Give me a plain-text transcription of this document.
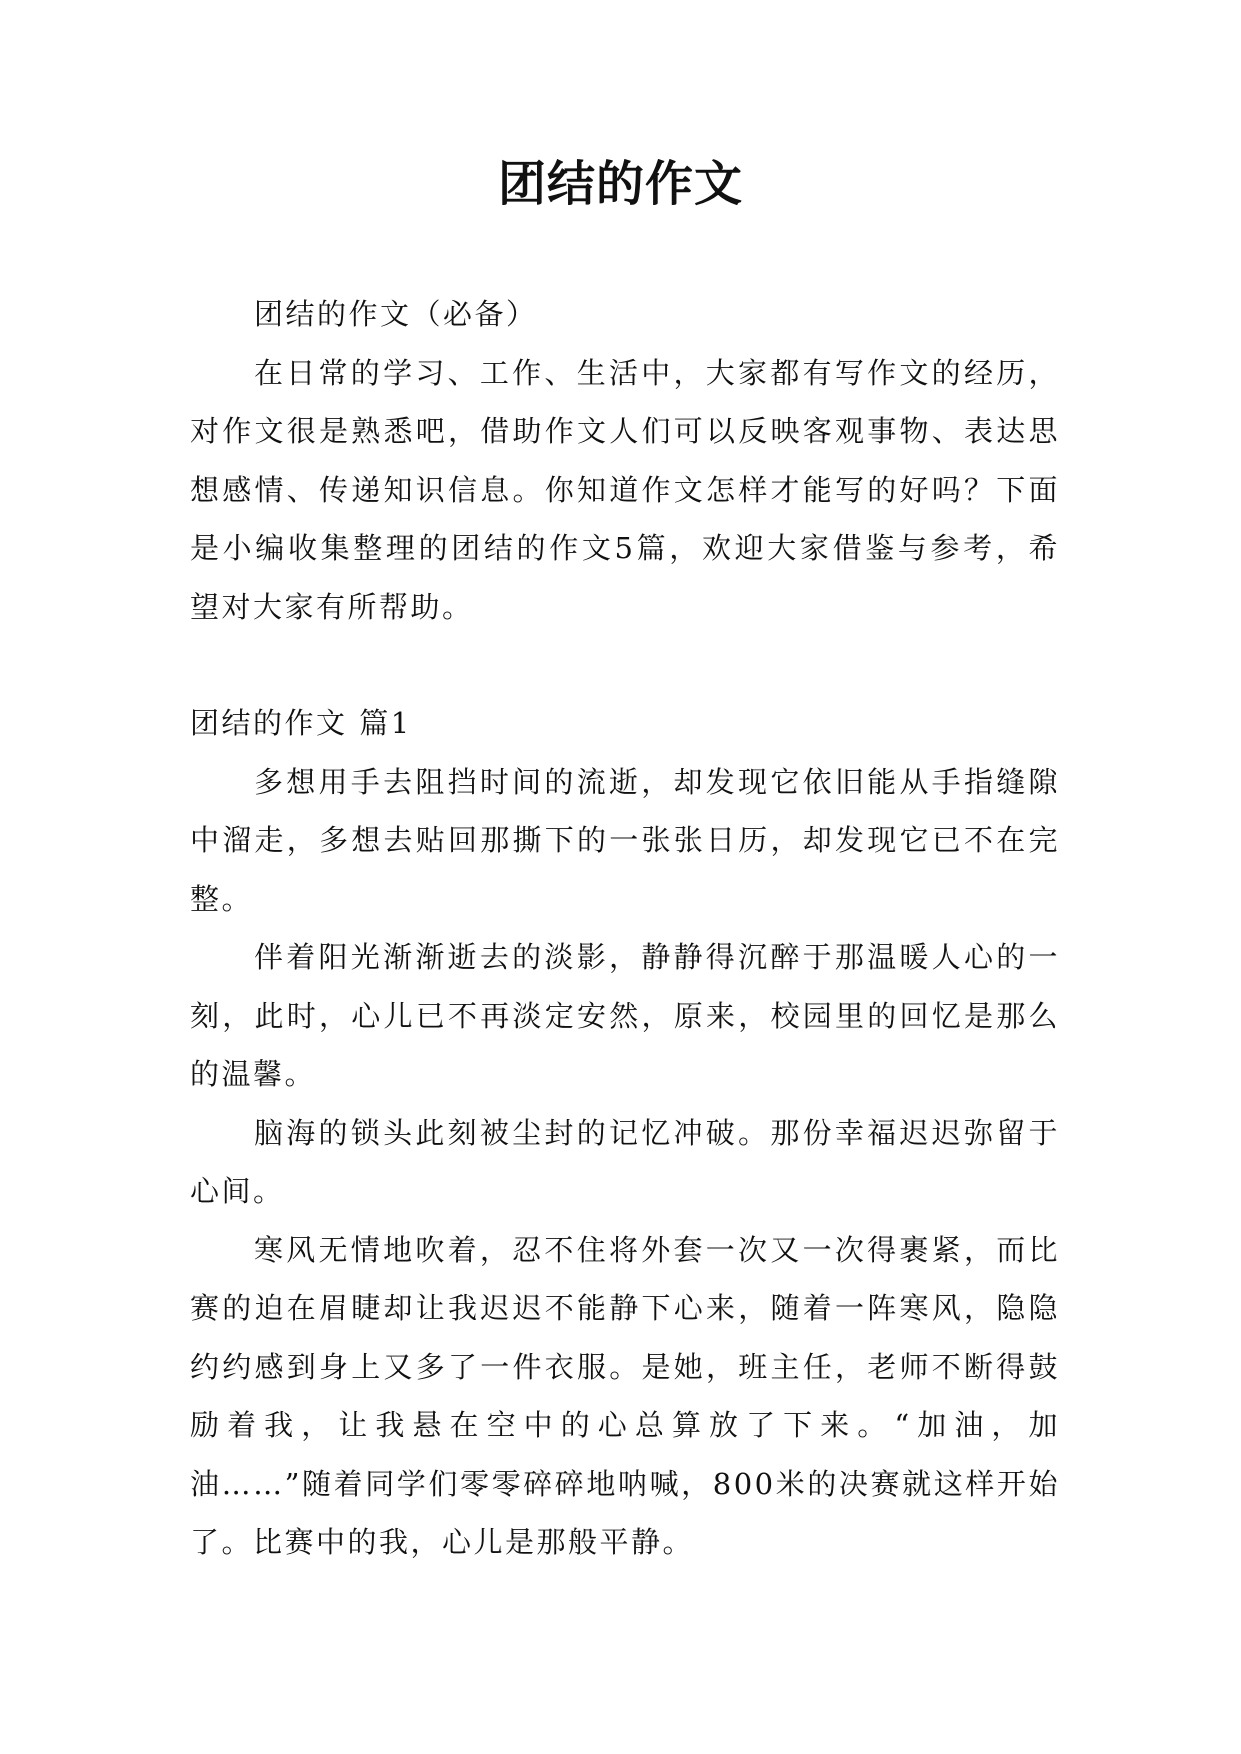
团结的作文

团结的作文（必备）

在日常的学习、工作、生活中，大家都有写作文的经历，对作文很是熟悉吧，借助作文人们可以反映客观事物、表达思想感情、传递知识信息。你知道作文怎样才能写的好吗？下面是小编收集整理的团结的作文5篇，欢迎大家借鉴与参考，希望对大家有所帮助。

团结的作文 篇1

多想用手去阻挡时间的流逝，却发现它依旧能从手指缝隙中溜走，多想去贴回那撕下的一张张日历，却发现它已不在完整。

伴着阳光渐渐逝去的淡影，静静得沉醉于那温暖人心的一刻，此时，心儿已不再淡定安然，原来，校园里的回忆是那么的温馨。

脑海的锁头此刻被尘封的记忆冲破。那份幸福迟迟弥留于心间。

寒风无情地吹着，忍不住将外套一次又一次得裹紧，而比赛的迫在眉睫却让我迟迟不能静下心来，随着一阵寒风，隐隐约约感到身上又多了一件衣服。是她，班主任，老师不断得鼓励着我，让我悬在空中的心总算放了下来。“加油，加油……”随着同学们零零碎碎地呐喊，800米的决赛就这样开始了。比赛中的我，心儿是那般平静。
